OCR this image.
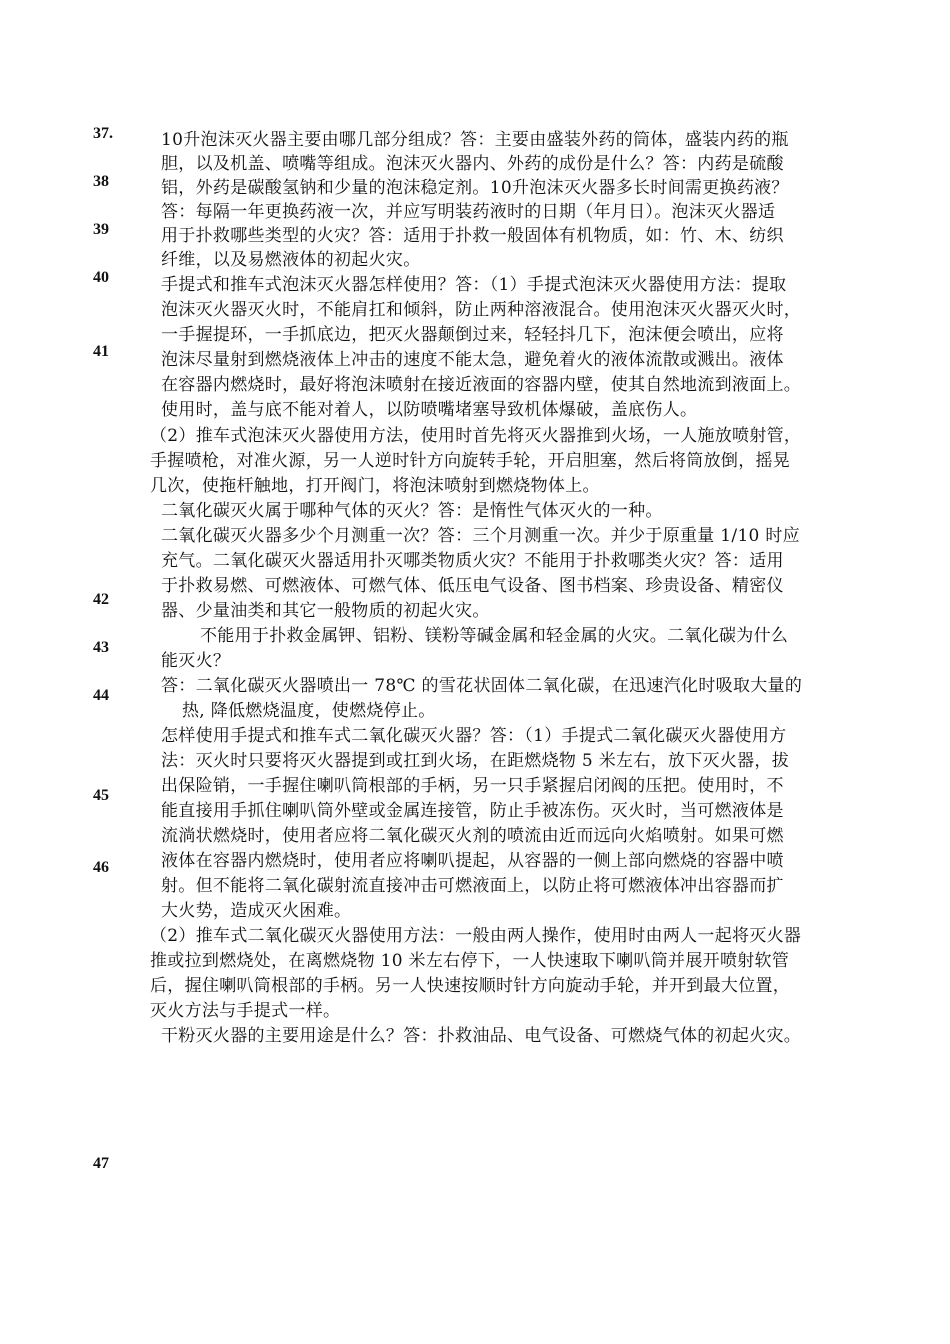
37.
38
39
40
41
42
43
44
45
46
47
10升泡沫灭火器主要由哪几部分组成？答：主要由盛装外药的筒体，盛装内药的瓶
胆，以及机盖、喷嘴等组成。泡沫灭火器内、外药的成份是什么？答：内药是硫酸
铝，外药是碳酸氢钠和少量的泡沫稳定剂。10升泡沫灭火器多长时间需更换药液？
答：每隔一年更换药液一次，并应写明装药液时的日期（年月日）。泡沫灭火器适
用于扑救哪些类型的火灾？答：适用于扑救一般固体有机物质，如：竹、木、纺织
纤维，以及易燃液体的初起火灾。
手提式和推车式泡沫灭火器怎样使用？答：（1）手提式泡沫灭火器使用方法：提取
泡沫灭火器灭火时，不能肩扛和倾斜，防止两种溶液混合。使用泡沫灭火器灭火时，
一手握提环，一手抓底边，把灭火器颠倒过来，轻轻抖几下，泡沫便会喷出，应将
泡沫尽量射到燃烧液体上冲击的速度不能太急，避免着火的液体流散或溅出。液体
在容器内燃烧时，最好将泡沫喷射在接近液面的容器内壁，使其自然地流到液面上。
使用时，盖与底不能对着人，以防喷嘴堵塞导致机体爆破，盖底伤人。
（2）推车式泡沫灭火器使用方法，使用时首先将灭火器推到火场，一人施放喷射管，
手握喷枪，对准火源，另一人逆时针方向旋转手轮，开启胆塞，然后将筒放倒，摇晃
几次，使拖杆触地，打开阀门，将泡沫喷射到燃烧物体上。
二氧化碳灭火属于哪种气体的灭火？答：是惰性气体灭火的一种。
二氧化碳灭火器多少个月测重一次？答：三个月测重一次。并少于原重量 1/10 时应
充气。二氧化碳灭火器适用扑灭哪类物质火灾？不能用于扑救哪类火灾？答：适用
于扑救易燃、可燃液体、可燃气体、低压电气设备、图书档案、珍贵设备、精密仪
器、少量油类和其它一般物质的初起火灾。
不能用于扑救金属钾、铝粉、镁粉等碱金属和轻金属的火灾。二氧化碳为什么
能灭火？
答：二氧化碳灭火器喷出一 78℃ 的雪花状固体二氧化碳，在迅速汽化时吸取大量的
热, 降低燃烧温度，使燃烧停止。
怎样使用手提式和推车式二氧化碳灭火器？答：（1）手提式二氧化碳灭火器使用方
法：灭火时只要将灭火器提到或扛到火场，在距燃烧物 5 米左右，放下灭火器，拔
出保险销，一手握住喇叭筒根部的手柄，另一只手紧握启闭阀的压把。使用时，不
能直接用手抓住喇叭筒外壁或金属连接管，防止手被冻伤。灭火时，当可燃液体是
流淌状燃烧时，使用者应将二氧化碳灭火剂的喷流由近而远向火焰喷射。如果可燃
液体在容器内燃烧时，使用者应将喇叭提起，从容器的一侧上部向燃烧的容器中喷
射。但不能将二氧化碳射流直接冲击可燃液面上，以防止将可燃液体冲出容器而扩
大火势，造成灭火困难。
（2）推车式二氧化碳灭火器使用方法：一般由两人操作，使用时由两人一起将灭火器
推或拉到燃烧处，在离燃烧物 10 米左右停下，一人快速取下喇叭筒并展开喷射软管
后，握住喇叭筒根部的手柄。另一人快速按顺时针方向旋动手轮，并开到最大位置，
灭火方法与手提式一样。
干粉灭火器的主要用途是什么？答：扑救油品、电气设备、可燃烧气体的初起火灾。
